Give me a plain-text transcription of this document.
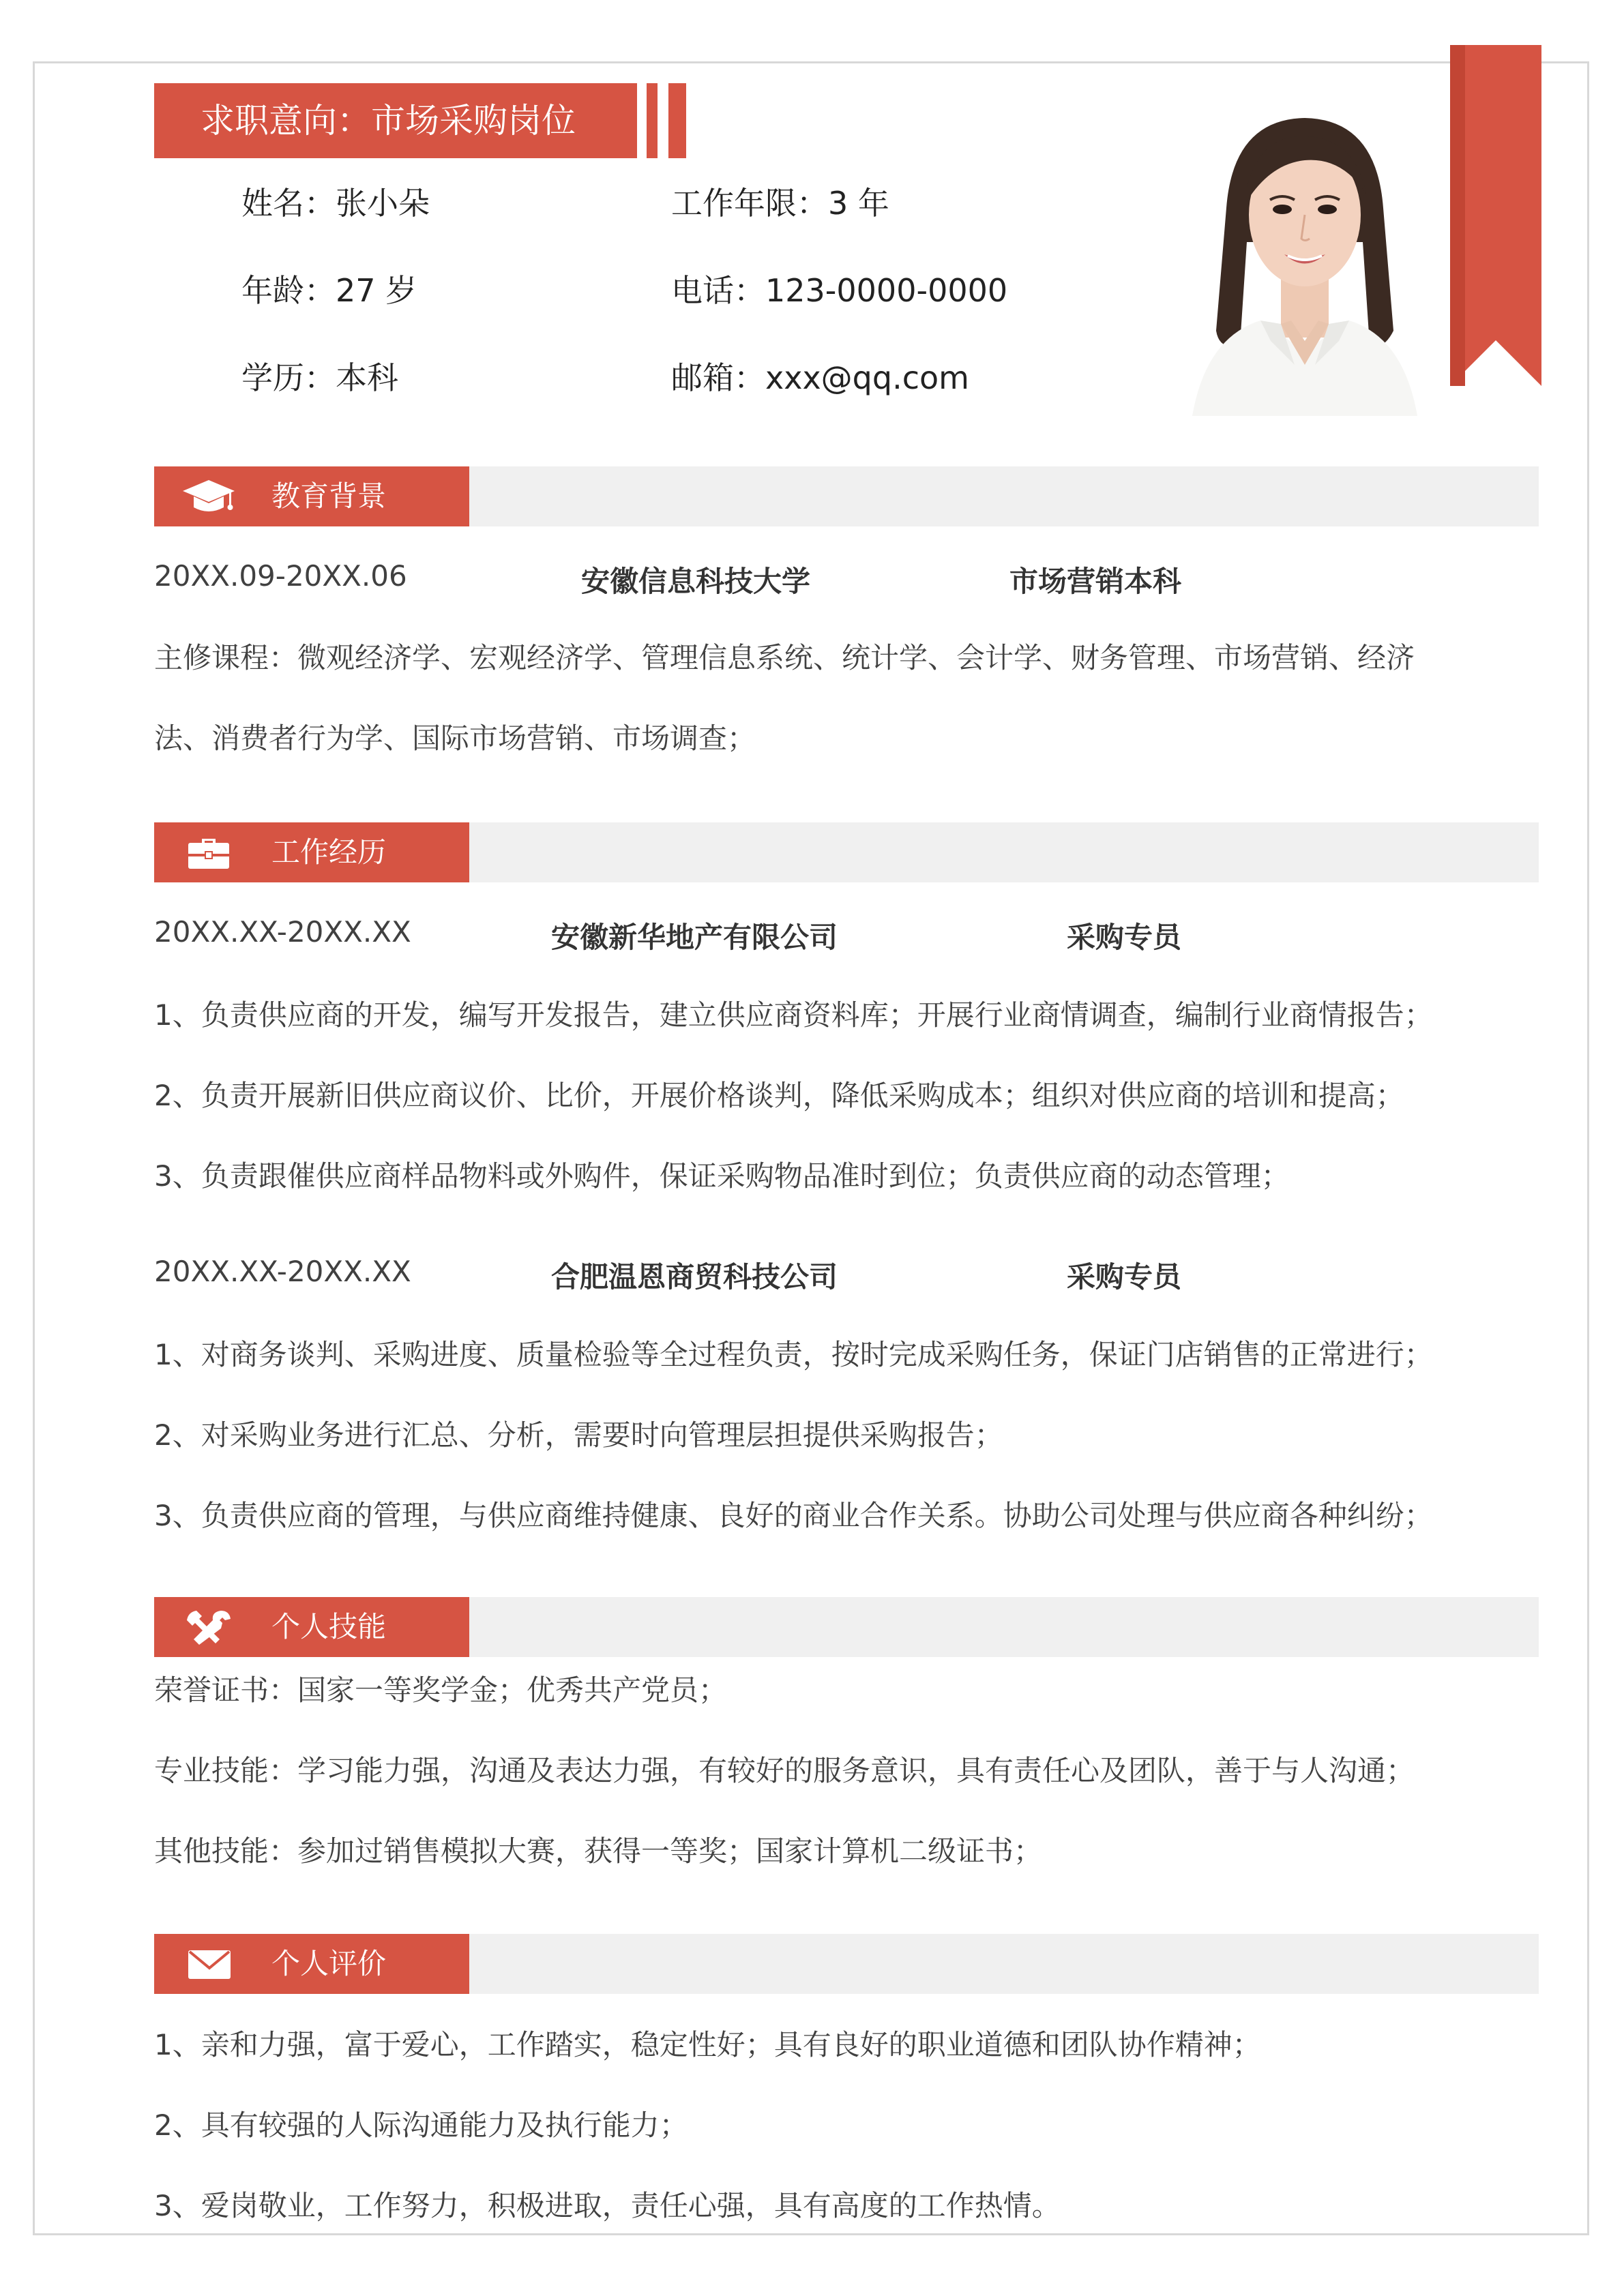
求职意向：市场采购岗位
姓名：张小朵	工作年限：3 年
年龄：27 岁	电话：123-0000-0000
学历：本科	邮箱：xxx@qq.com
教育背景
20XX.09-20XX.06	安徽信息科技大学	市场营销本科
主修课程：微观经济学、宏观经济学、管理信息系统、统计学、会计学、财务管理、市场营销、经济
法、消费者行为学、国际市场营销、市场调查；
工作经历
20XX.XX-20XX.XX	安徽新华地产有限公司	采购专员
1、负责供应商的开发，编写开发报告，建立供应商资料库；开展行业商情调查，编制行业商情报告；
2、负责开展新旧供应商议价、比价，开展价格谈判，降低采购成本；组织对供应商的培训和提高；
3、负责跟催供应商样品物料或外购件，保证采购物品准时到位；负责供应商的动态管理；
20XX.XX-20XX.XX	合肥温恩商贸科技公司	采购专员
1、对商务谈判、采购进度、质量检验等全过程负责，按时完成采购任务，保证门店销售的正常进行；
2、对采购业务进行汇总、分析，需要时向管理层担提供采购报告；
3、负责供应商的管理，与供应商维持健康、良好的商业合作关系。协助公司处理与供应商各种纠纷；
个人技能
荣誉证书：国家一等奖学金；优秀共产党员；
专业技能：学习能力强，沟通及表达力强，有较好的服务意识，具有责任心及团队，善于与人沟通；
其他技能：参加过销售模拟大赛，获得一等奖；国家计算机二级证书；
个人评价
1、亲和力强，富于爱心，工作踏实，稳定性好；具有良好的职业道德和团队协作精神；
2、具有较强的人际沟通能力及执行能力；
3、爱岗敬业，工作努力，积极进取，责任心强，具有高度的工作热情。
